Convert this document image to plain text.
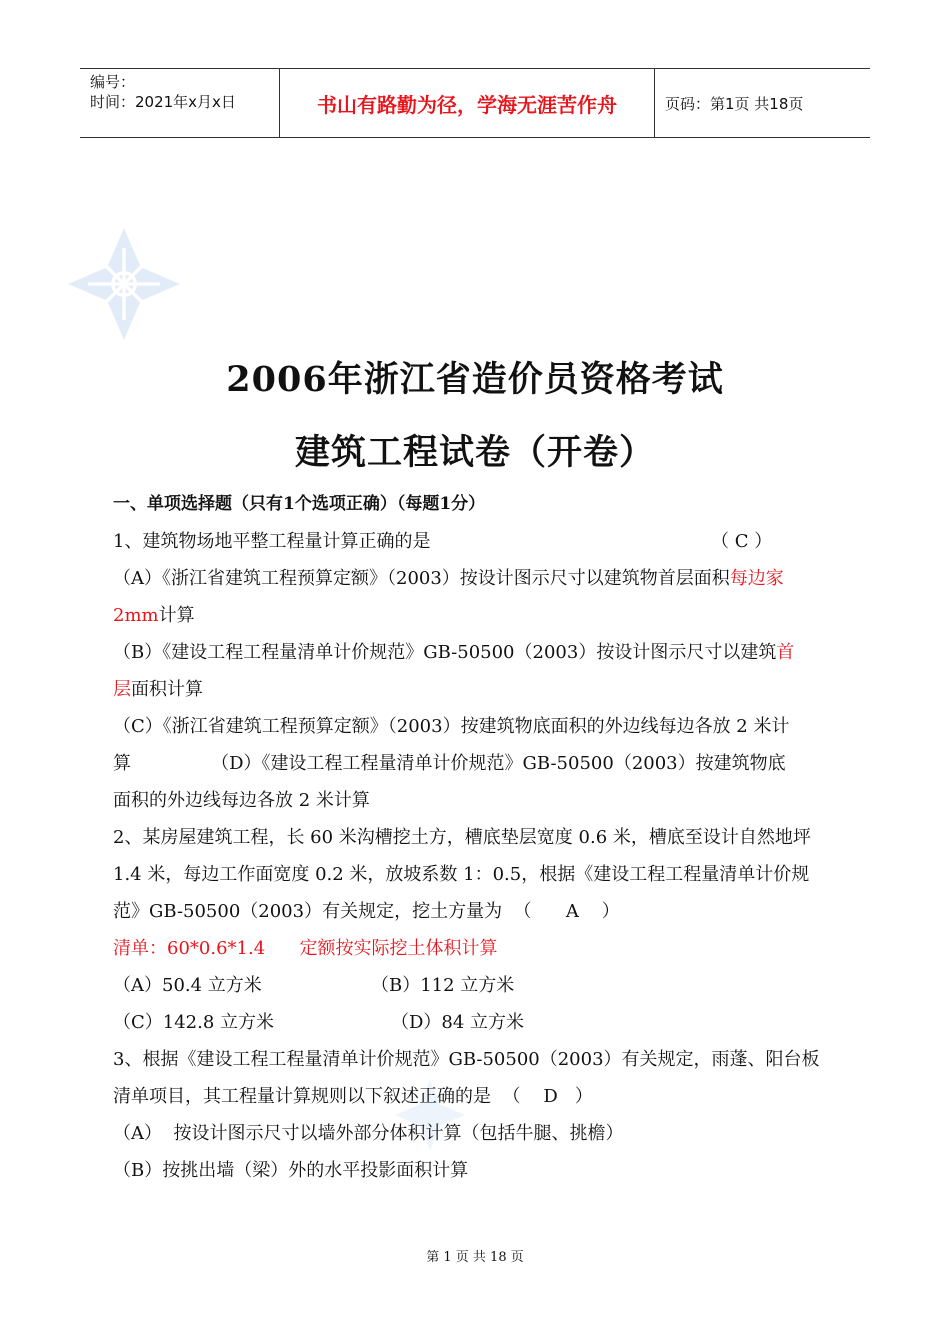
编号：
时间：2021年x月x日	书山有路勤为径，学海无涯苦作舟	页码：第1页 共18页
2006年浙江省造价员资格考试
建筑工程试卷（开卷）

一、单项选择题（只有1个选项正确）（每题1分）

1、建筑物场地平整工程量计算正确的是	（ C ）

（A）《浙江省建筑工程预算定额》（2003）按设计图示尺寸以建筑物首层面积每边家

2mm计算

（B）《建设工程工程量清单计价规范》GB-50500（2003）按设计图示尺寸以建筑首

层面积计算

（C）《浙江省建筑工程预算定额》（2003）按建筑物底面积的外边线每边各放 2 米计

算              （D）《建设工程工程量清单计价规范》GB-50500（2003）按建筑物底

面积的外边线每边各放 2 米计算

2、某房屋建筑工程，长 60 米沟槽挖土方，槽底垫层宽度 0.6 米，槽底至设计自然地坪

1.4 米，每边工作面宽度 0.2 米，放坡系数 1：0.5，根据《建设工程工程量清单计价规

范》GB-50500（2003）有关规定，挖土方量为  （      A    ）

清单：60*0.6*1.4      定额按实际挖土体积计算

（A）50.4 立方米	（B）112 立方米
（C）142.8 立方米	（D）84 立方米

3、根据《建设工程工程量清单计价规范》GB-50500（2003）有关规定，雨蓬、阳台板

清单项目，其工程量计算规则以下叙述正确的是  （    D   ）

（A）  按设计图示尺寸以墙外部分体积计算（包括牛腿、挑檐）

（B）按挑出墙（梁）外的水平投影面积计算

第 1 页 共 18 页
